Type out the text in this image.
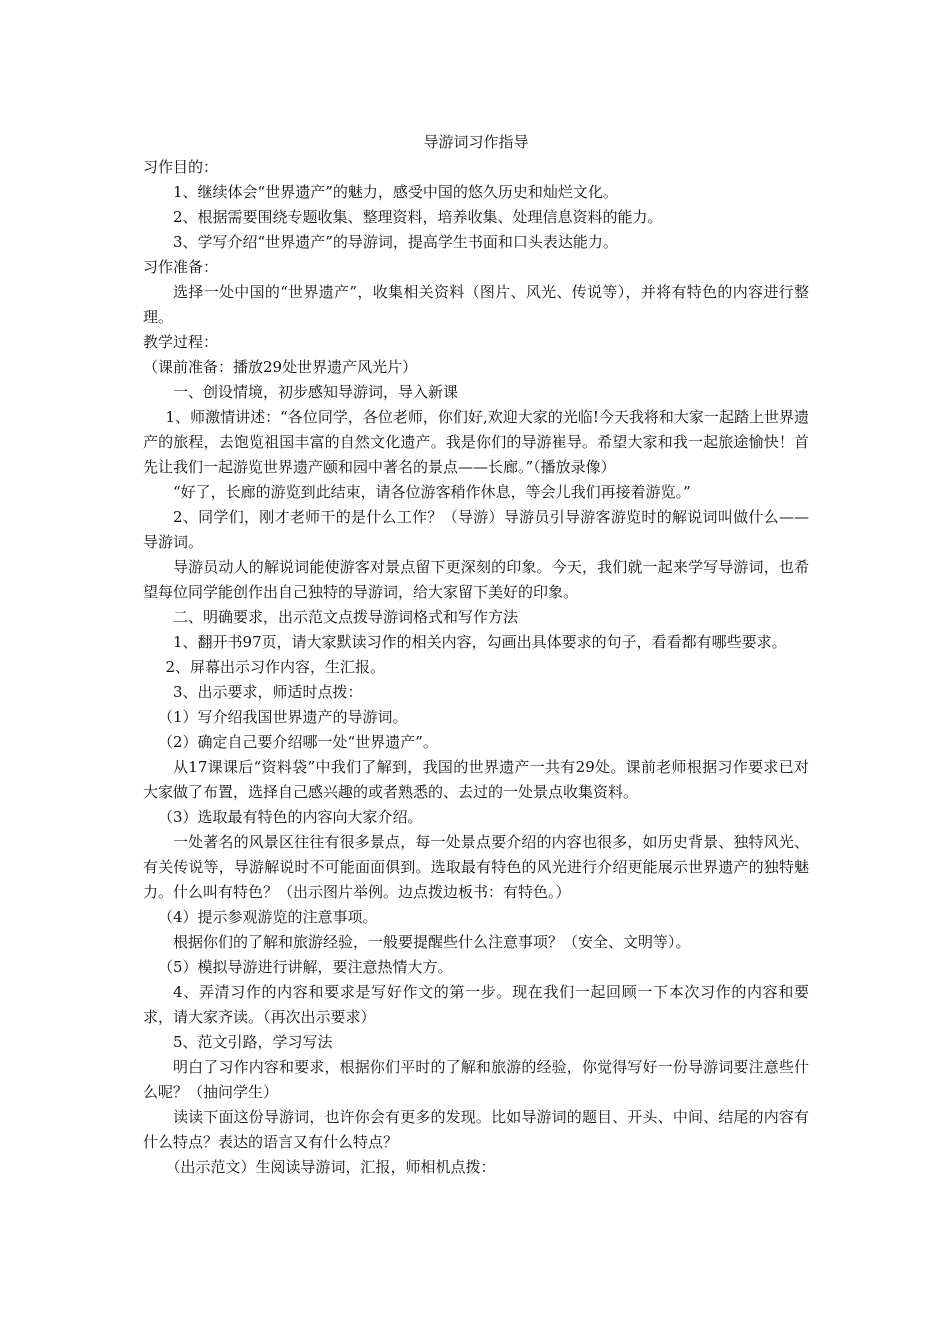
导游词习作指导

习作目的：

1、继续体会“世界遗产”的魅力，感受中国的悠久历史和灿烂文化。

2、根据需要围绕专题收集、整理资料，培养收集、处理信息资料的能力。

3、学写介绍“世界遗产”的导游词，提高学生书面和口头表达能力。

习作准备：

选择一处中国的“世界遗产”，收集相关资料（图片、风光、传说等），并将有特色的内容进行整理。

教学过程：

（课前准备：播放29处世界遗产风光片）

一、创设情境，初步感知导游词，导入新课

1、师激情讲述：“各位同学，各位老师，你们好,欢迎大家的光临!今天我将和大家一起踏上世界遗产的旅程，去饱览祖国丰富的自然文化遗产。我是你们的导游崔导。希望大家和我一起旅途愉快！首先让我们一起游览世界遗产颐和园中著名的景点——长廊。”（播放录像）

“好了，长廊的游览到此结束，请各位游客稍作休息，等会儿我们再接着游览。”

2、同学们，刚才老师干的是什么工作？（导游）导游员引导游客游览时的解说词叫做什么——导游词。

导游员动人的解说词能使游客对景点留下更深刻的印象。今天，我们就一起来学写导游词，也希望每位同学能创作出自己独特的导游词，给大家留下美好的印象。

二、明确要求，出示范文点拨导游词格式和写作方法

1、翻开书97页，请大家默读习作的相关内容，勾画出具体要求的句子，看看都有哪些要求。

2、屏幕出示习作内容，生汇报。

3、出示要求，师适时点拨：

（1）写介绍我国世界遗产的导游词。

（2）确定自己要介绍哪一处“世界遗产”。

从17课课后“资料袋”中我们了解到，我国的世界遗产一共有29处。课前老师根据习作要求已对大家做了布置，选择自己感兴趣的或者熟悉的、去过的一处景点收集资料。

（3）选取最有特色的内容向大家介绍。

一处著名的风景区往往有很多景点，每一处景点要介绍的内容也很多，如历史背景、独特风光、有关传说等，导游解说时不可能面面俱到。选取最有特色的风光进行介绍更能展示世界遗产的独特魅力。什么叫有特色？（出示图片举例。边点拨边板书：有特色。）

（4）提示参观游览的注意事项。

根据你们的了解和旅游经验，一般要提醒些什么注意事项？（安全、文明等）。

（5）模拟导游进行讲解，要注意热情大方。

4、弄清习作的内容和要求是写好作文的第一步。现在我们一起回顾一下本次习作的内容和要求，请大家齐读。（再次出示要求）

5、范文引路，学习写法

明白了习作内容和要求，根据你们平时的了解和旅游的经验，你觉得写好一份导游词要注意些什么呢？（抽问学生）

读读下面这份导游词，也许你会有更多的发现。比如导游词的题目、开头、中间、结尾的内容有什么特点？表达的语言又有什么特点？

（出示范文）生阅读导游词，汇报，师相机点拨：
